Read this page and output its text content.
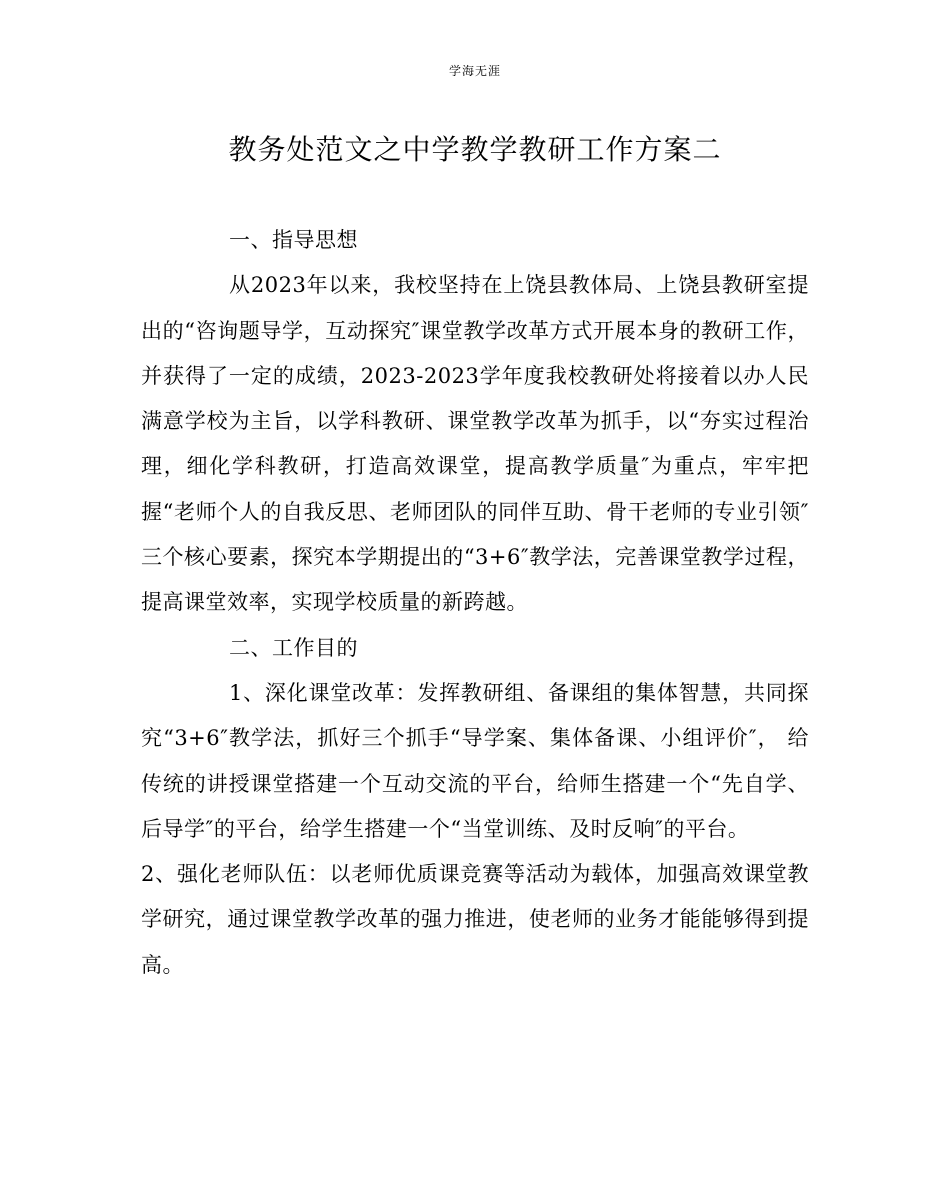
学海无涯
教务处范文之中学教学教研工作方案二

一、指导思想

从2023年以来，我校坚持在上饶县教体局、上饶县教研室提出的“咨询题导学，互动探究″课堂教学改革方式开展本身的教研工作，并获得了一定的成绩，2023-2023学年度我校教研处将接着以办人民满意学校为主旨，以学科教研、课堂教学改革为抓手，以“夯实过程治理，细化学科教研，打造高效课堂，提高教学质量″为重点，牢牢把握“老师个人的自我反思、老师团队的同伴互助、骨干老师的专业引领″三个核心要素，探究本学期提出的“3+6″教学法，完善课堂教学过程，提高课堂效率，实现学校质量的新跨越。

二、工作目的

1、深化课堂改革：发挥教研组、备课组的集体智慧，共同探究“3+6″教学法，抓好三个抓手“导学案、集体备课、小组评价″， 给传统的讲授课堂搭建一个互动交流的平台，给师生搭建一个“先自学、后导学″的平台，给学生搭建一个“当堂训练、及时反响″的平台。

2、强化老师队伍：以老师优质课竞赛等活动为载体，加强高效课堂教学研究，通过课堂教学改革的强力推进，使老师的业务才能能够得到提高。
